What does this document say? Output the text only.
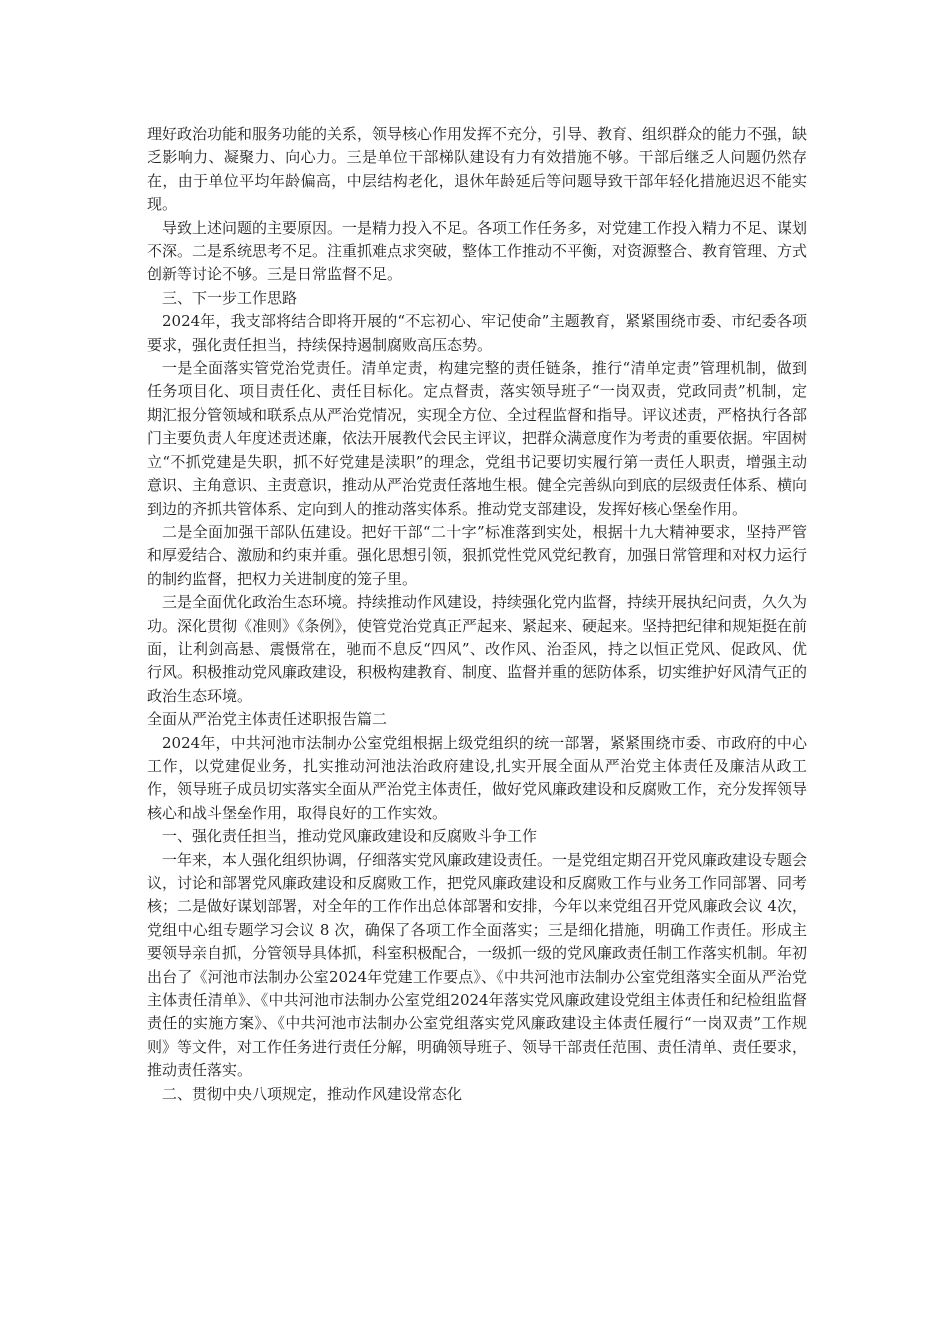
理好政治功能和服务功能的关系，领导核心作用发挥不充分，引导、教育、组织群众的能力不强，缺乏影响力、凝聚力、向心力。三是单位干部梯队建设有力有效措施不够。干部后继乏人问题仍然存在，由于单位平均年龄偏高，中层结构老化，退休年龄延后等问题导致干部年轻化措施迟迟不能实现。

导致上述问题的主要原因。一是精力投入不足。各项工作任务多，对党建工作投入精力不足、谋划不深。二是系统思考不足。注重抓难点求突破，整体工作推动不平衡，对资源整合、教育管理、方式创新等讨论不够。三是日常监督不足。

三、下一步工作思路

2024年，我支部将结合即将开展的“不忘初心、牢记使命”主题教育，紧紧围绕市委、市纪委各项要求，强化责任担当，持续保持遏制腐败高压态势。

一是全面落实管党治党责任。清单定责，构建完整的责任链条，推行“清单定责”管理机制，做到任务项目化、项目责任化、责任目标化。定点督责，落实领导班子“一岗双责，党政同责”机制，定期汇报分管领域和联系点从严治党情况，实现全方位、全过程监督和指导。评议述责，严格执行各部门主要负责人年度述责述廉，依法开展教代会民主评议，把群众满意度作为考责的重要依据。牢固树立“不抓党建是失职，抓不好党建是渎职”的理念，党组书记要切实履行第一责任人职责，增强主动意识、主角意识、主责意识，推动从严治党责任落地生根。健全完善纵向到底的层级责任体系、横向到边的齐抓共管体系、定向到人的推动落实体系。推动党支部建设，发挥好核心堡垒作用。

二是全面加强干部队伍建设。把好干部“二十字”标准落到实处，根据十九大精神要求，坚持严管和厚爱结合、激励和约束并重。强化思想引领，狠抓党性党风党纪教育，加强日常管理和对权力运行的制约监督，把权力关进制度的笼子里。

三是全面优化政治生态环境。持续推动作风建设，持续强化党内监督，持续开展执纪问责，久久为功。深化贯彻《准则》《条例》，使管党治党真正严起来、紧起来、硬起来。坚持把纪律和规矩挺在前面，让利剑高悬、震慑常在，驰而不息反“四风”、改作风、治歪风，持之以恒正党风、促政风、优行风。积极推动党风廉政建设，积极构建教育、制度、监督并重的惩防体系，切实维护好风清气正的政治生态环境。

全面从严治党主体责任述职报告篇二

2024年，中共河池市法制办公室党组根据上级党组织的统一部署，紧紧围绕市委、市政府的中心工作，以党建促业务，扎实推动河池法治政府建设,扎实开展全面从严治党主体责任及廉洁从政工作，领导班子成员切实落实全面从严治党主体责任，做好党风廉政建设和反腐败工作，充分发挥领导核心和战斗堡垒作用，取得良好的工作实效。

一、强化责任担当，推动党风廉政建设和反腐败斗争工作

一年来，本人强化组织协调，仔细落实党风廉政建设责任。一是党组定期召开党风廉政建设专题会议，讨论和部署党风廉政建设和反腐败工作，把党风廉政建设和反腐败工作与业务工作同部署、同考核；二是做好谋划部署，对全年的工作作出总体部署和安排，今年以来党组召开党风廉政会议 4次，党组中心组专题学习会议 8 次，确保了各项工作全面落实；三是细化措施，明确工作责任。形成主要领导亲自抓，分管领导具体抓，科室积极配合，一级抓一级的党风廉政责任制工作落实机制。年初出台了《河池市法制办公室2024年党建工作要点》、《中共河池市法制办公室党组落实全面从严治党主体责任清单》、《中共河池市法制办公室党组2024年落实党风廉政建设党组主体责任和纪检组监督责任的实施方案》、《中共河池市法制办公室党组落实党风廉政建设主体责任履行“一岗双责”工作规则》等文件，对工作任务进行责任分解，明确领导班子、领导干部责任范围、责任清单、责任要求，推动责任落实。

二、贯彻中央八项规定，推动作风建设常态化
